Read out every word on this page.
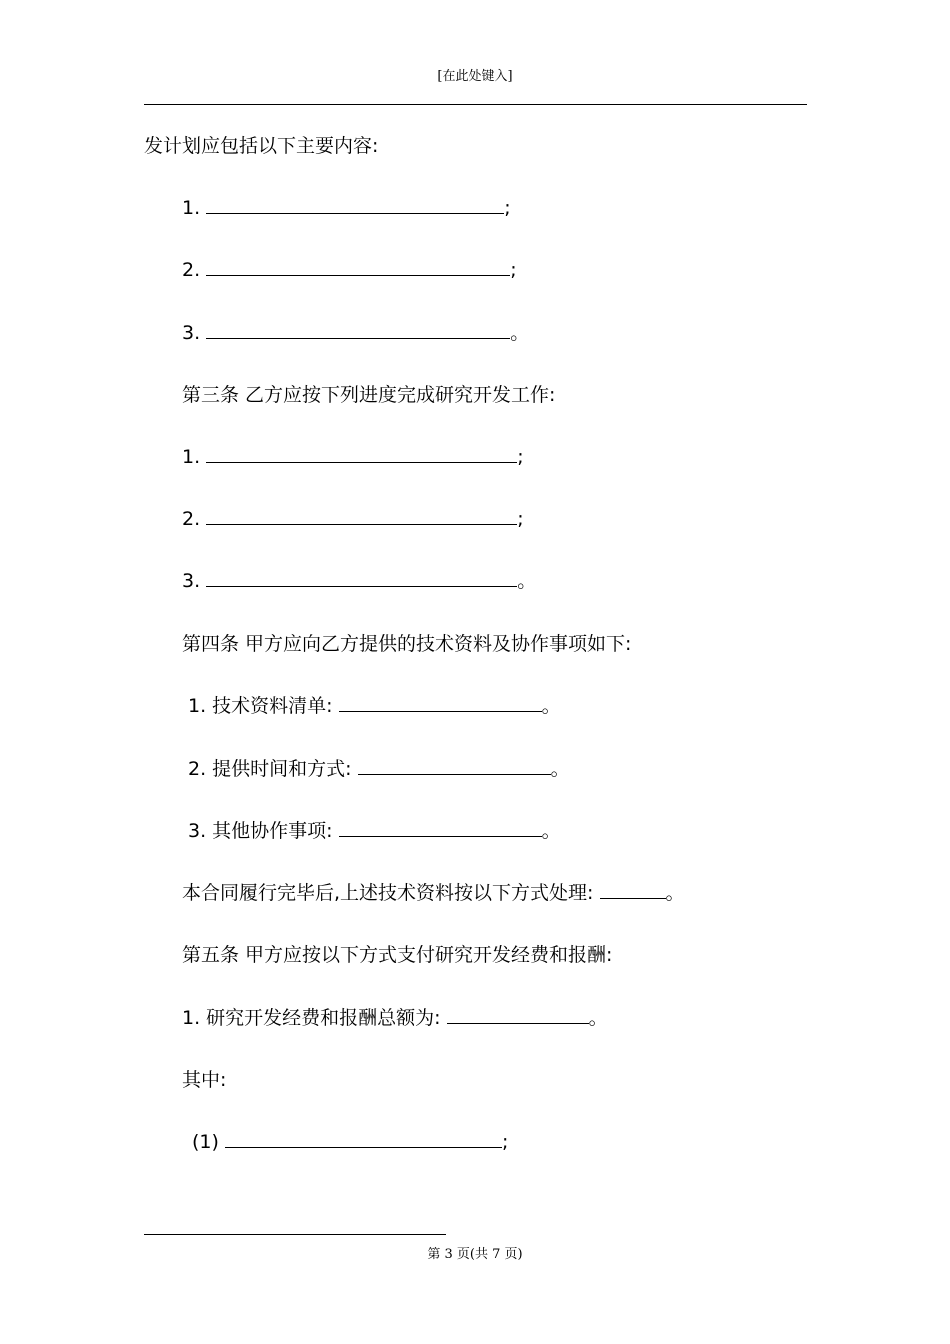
[在此处键入]
发计划应包括以下主要内容:
1.	;
2.	;
3.	。
第三条 乙方应按下列进度完成研究开发工作:
1.	;
2.	;
3.	。
第四条 甲方应向乙方提供的技术资料及协作事项如下:
1. 技术资料清单:	。
2. 提供时间和方式:	。
3. 其他协作事项:	。
本合同履行完毕后,上述技术资料按以下方式处理:	。
第五条 甲方应按以下方式支付研究开发经费和报酬:
1. 研究开发经费和报酬总额为:	。
其中:
(1)	;
第 3 页(共 7 页)
